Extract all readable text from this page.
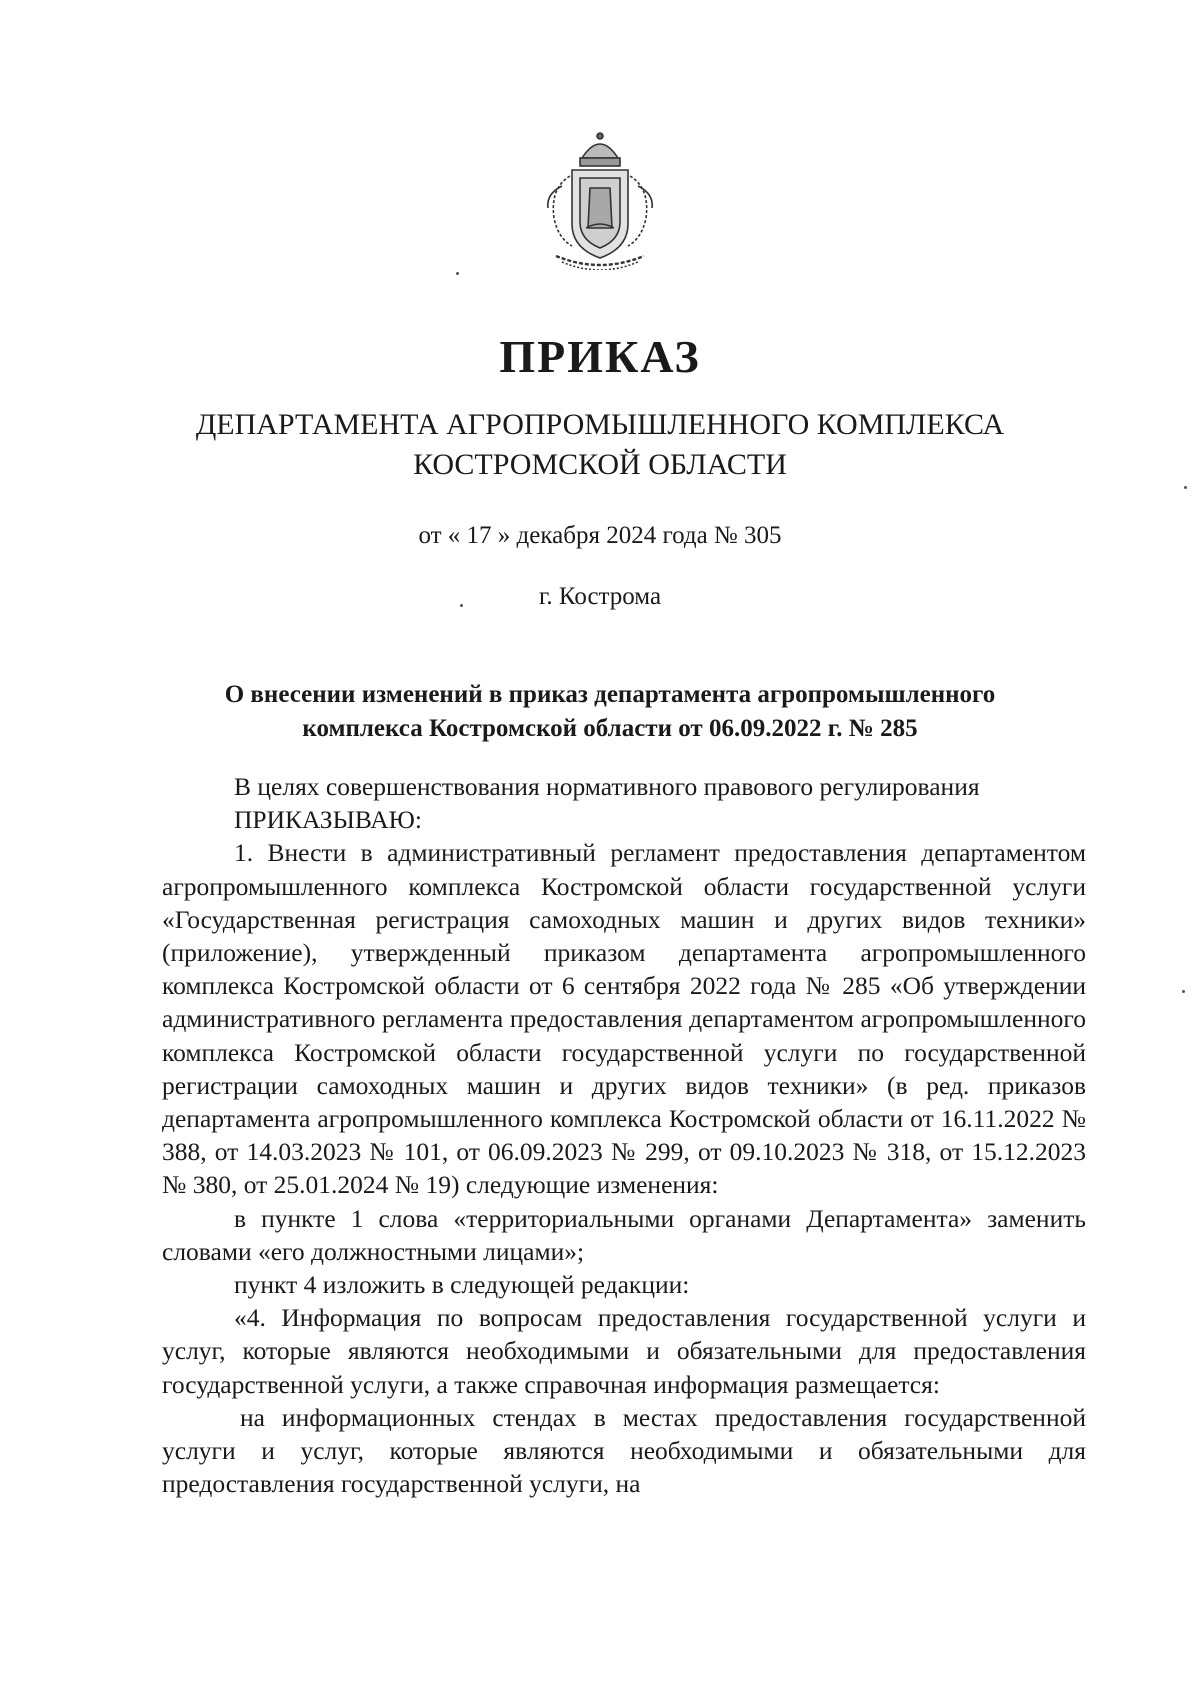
ПРИКАЗ
ДЕПАРТАМЕНТА АГРОПРОМЫШЛЕННОГО КОМПЛЕКСА
КОСТРОМСКОЙ ОБЛАСТИ
от « 17 » декабря 2024 года № 305
г. Кострома
О внесении изменений в приказ департамента агропромышленного
комплекса Костромской области от 06.09.2022 г. № 285

В целях совершенствования нормативного правового регулирования

ПРИКАЗЫВАЮ:

1. Внести в административный регламент предоставления департаментом агропромышленного комплекса Костромской области государственной услуги «Государственная регистрация самоходных машин и других видов техники» (приложение), утвержденный приказом департамента агропромышленного комплекса Костромской области от 6 сентября 2022 года № 285 «Об утверждении административного регламента предоставления департаментом агропромышленного комплекса Костромской области государственной услуги по государственной регистрации самоходных машин и других видов техники» (в ред. приказов департамента агропромышленного комплекса Костромской области от 16.11.2022 № 388, от 14.03.2023 № 101, от 06.09.2023 № 299, от 09.10.2023 № 318, от 15.12.2023 № 380, от 25.01.2024 № 19) следующие изменения:

в пункте 1 слова «территориальными органами Департамента» заменить словами «его должностными лицами»;

пункт 4 изложить в следующей редакции:

«4. Информация по вопросам предоставления государственной услуги и услуг, которые являются необходимыми и обязательными для предоставления государственной услуги, а также справочная информация размещается:

на информационных стендах в местах предоставления государственной услуги и услуг, которые являются необходимыми и обязательными для предоставления государственной услуги, на
